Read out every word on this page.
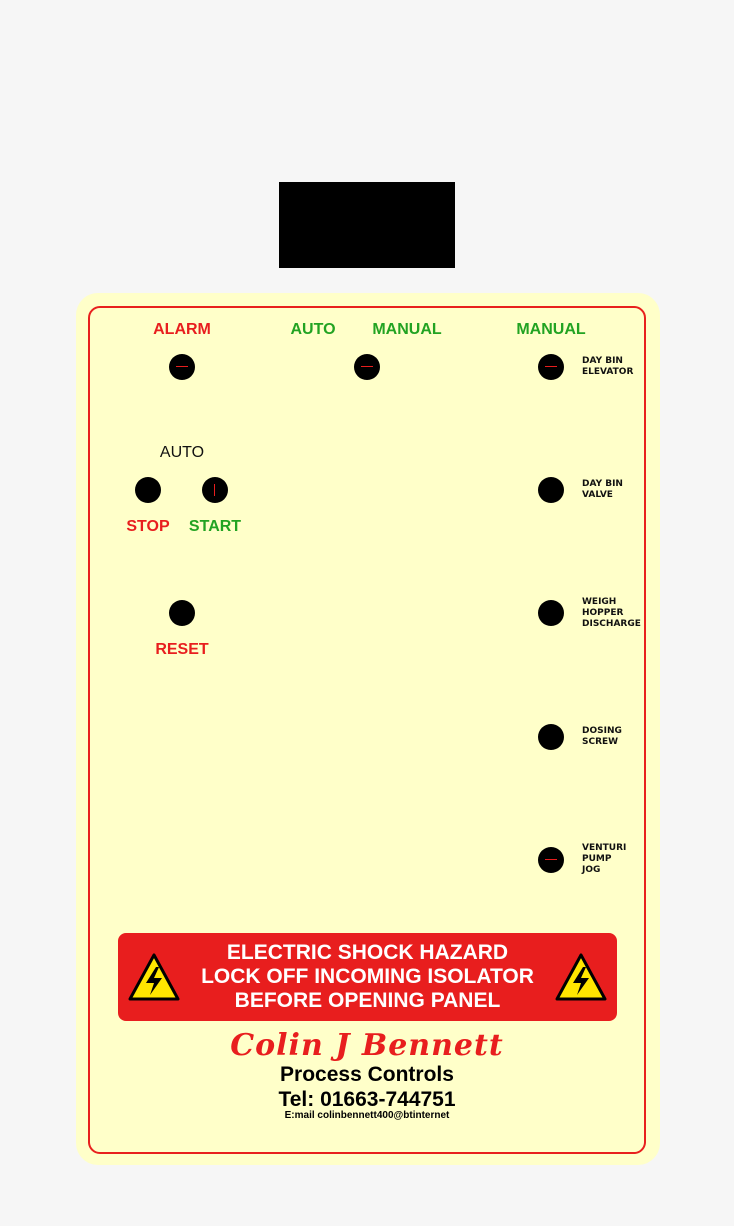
ALARM	AUTO MANUAL	MANUAL
AUTO
STOP START
RESET
DAY BIN
ELEVATOR
DAY BIN
VALVE
WEIGH
HOPPER
DISCHARGE
DOSING
SCREW
VENTURI
PUMP
JOG
ELECTRIC SHOCK HAZARD
LOCK OFF INCOMING ISOLATOR
BEFORE OPENING PANEL
Colin J Bennett
Process Controls
Tel: 01663-744751
E:mail colinbennett400@btinternet
